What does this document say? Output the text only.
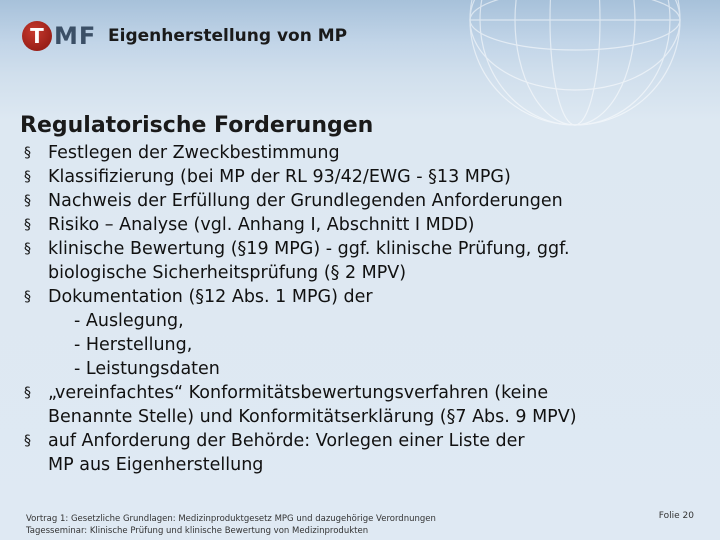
T MF Eigenherstellung von MP
Regulatorische Forderungen
§ Festlegen der Zweckbestimmung
§ Klassifizierung (bei MP der RL 93/42/EWG - §13 MPG)
§ Nachweis der Erfüllung der Grundlegenden Anforderungen
§ Risiko – Analyse (vgl. Anhang I, Abschnitt I MDD)
§ klinische Bewertung (§19 MPG) - ggf. klinische Prüfung, ggf.
biologische Sicherheitsprüfung (§ 2 MPV)
§ Dokumentation (§12 Abs. 1 MPG) der
- Auslegung,
- Herstellung,
- Leistungsdaten
§ „vereinfachtes“ Konformitätsbewertungsverfahren (keine
Benannte Stelle) und Konformitätserklärung (§7 Abs. 9 MPV)
§ auf Anforderung der Behörde: Vorlegen einer Liste der
MP aus Eigenherstellung
Vortrag 1: Gesetzliche Grundlagen: Medizinproduktgesetz MPG und dazugehörige Verordnungen
Tagesseminar: Klinische Prüfung und klinische Bewertung von Medizinprodukten
Folie 20
